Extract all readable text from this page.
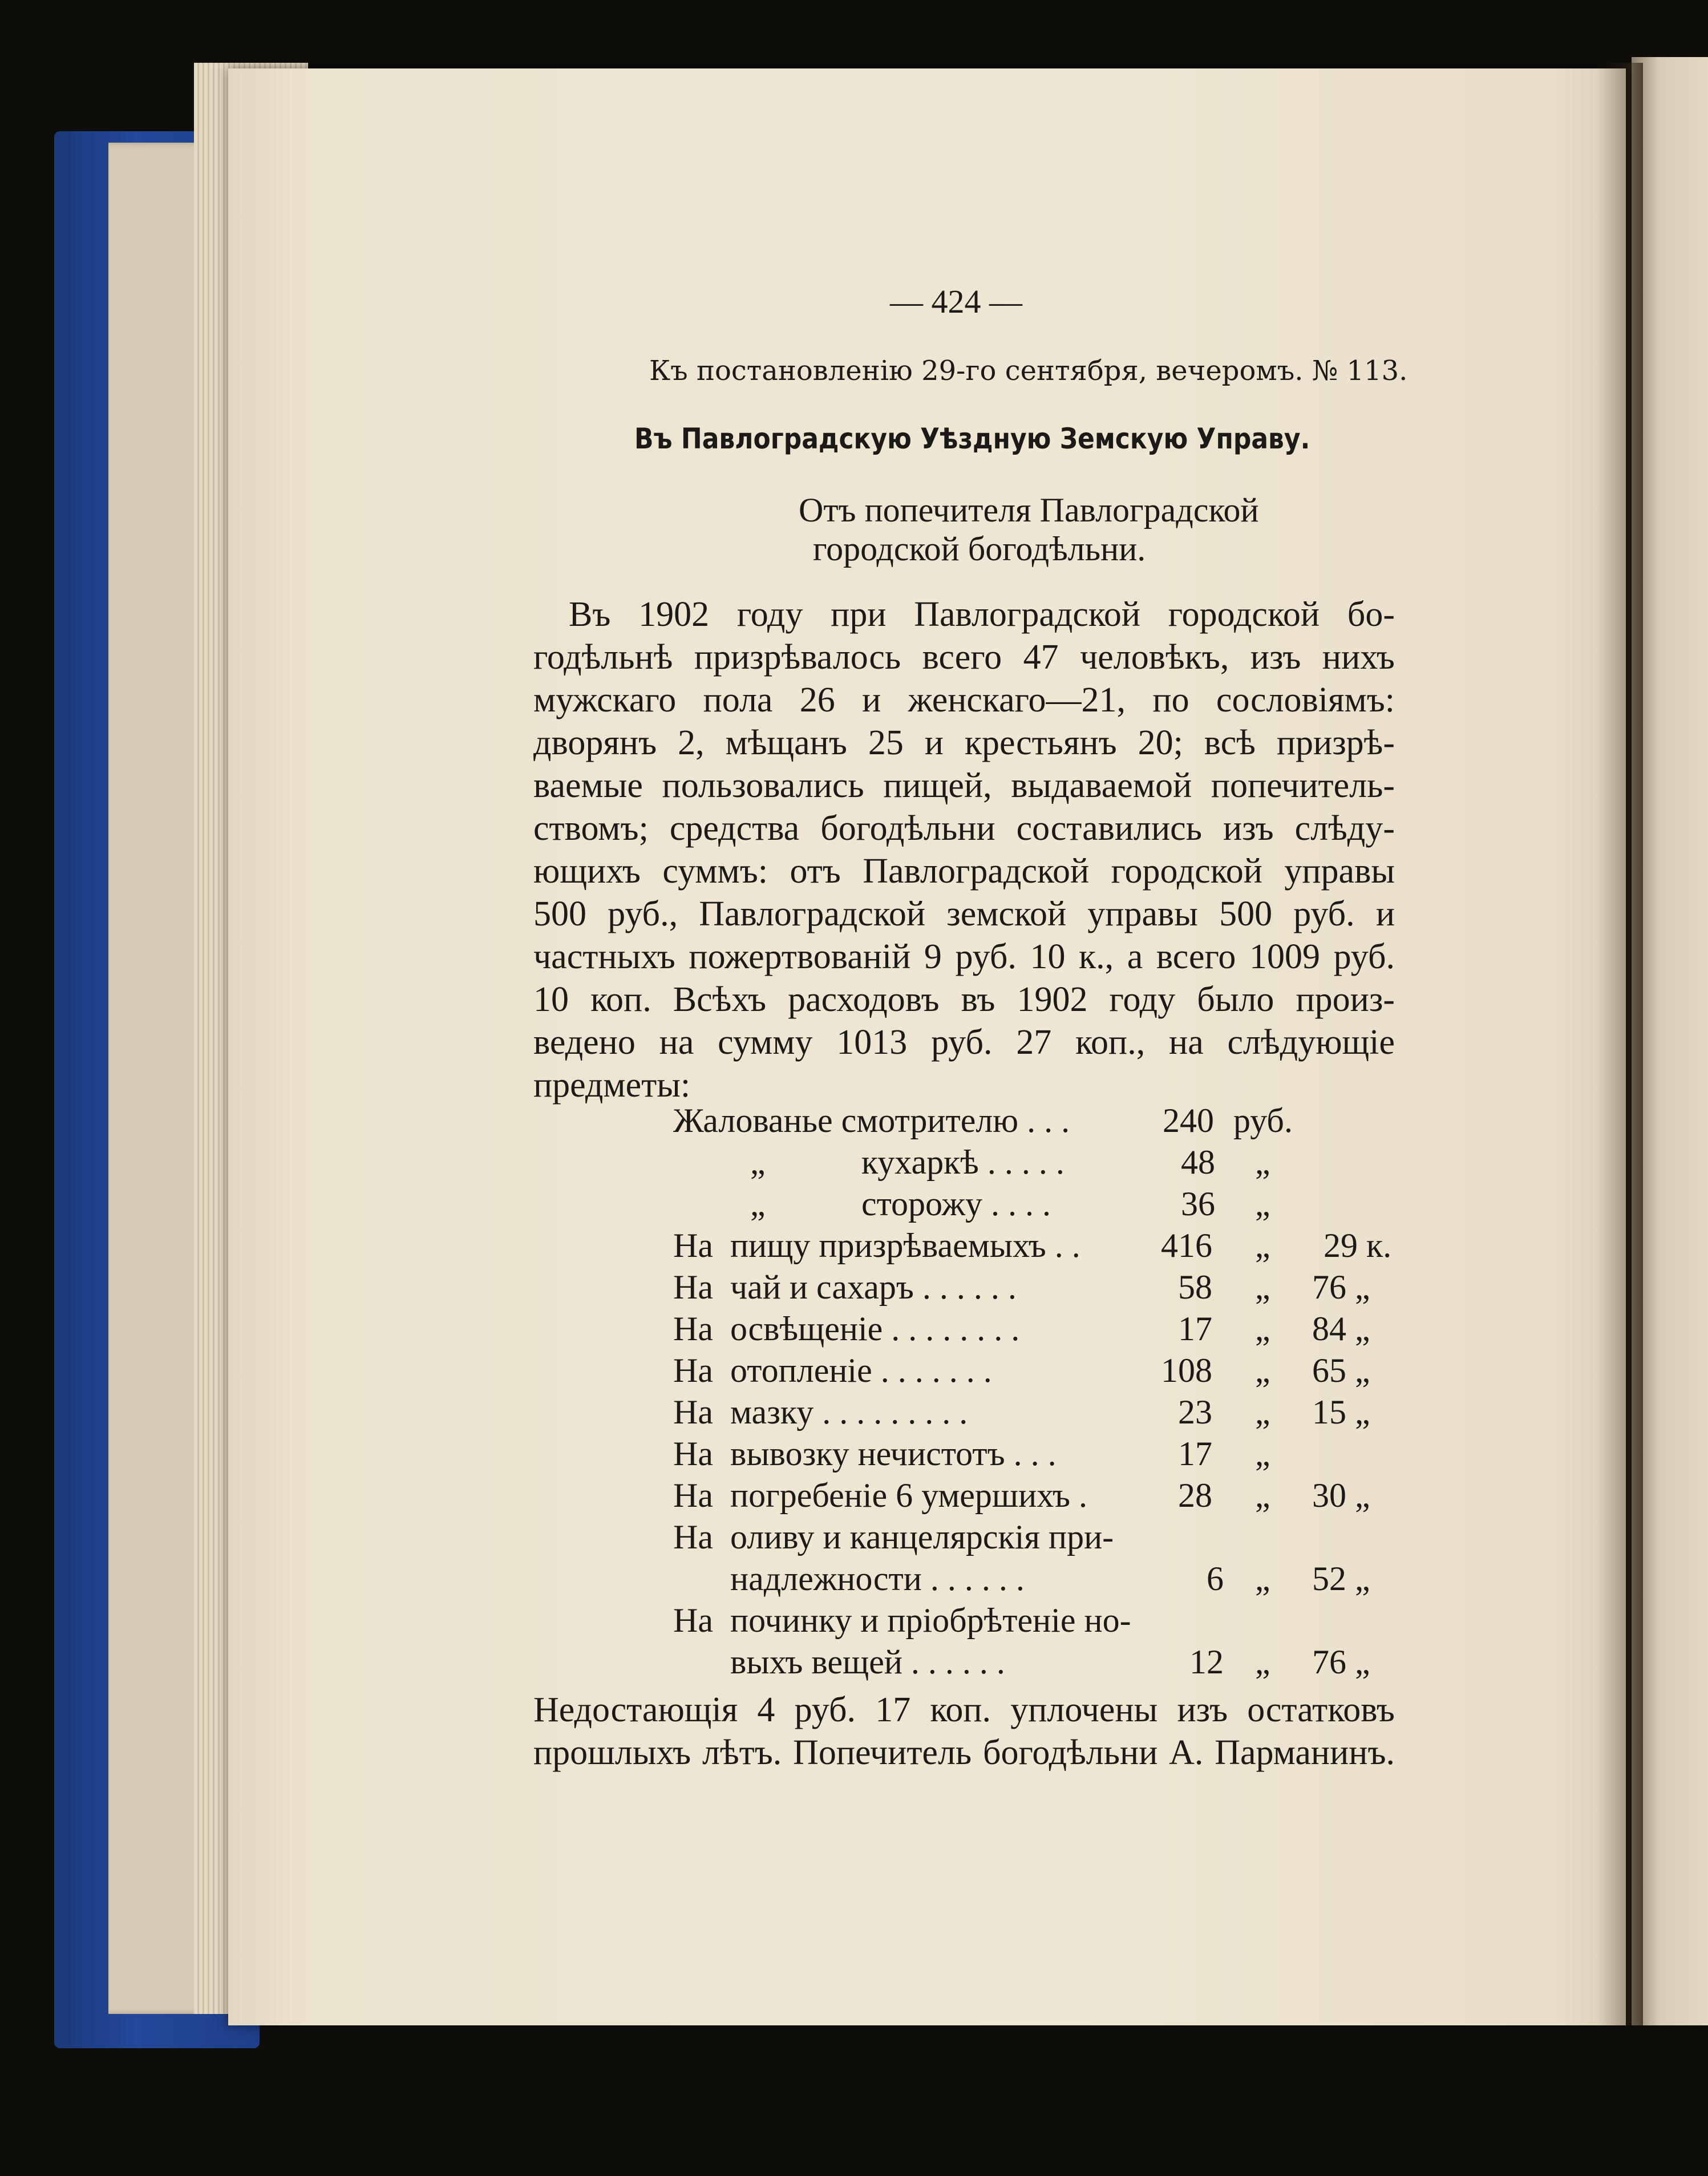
— 424 —
Къ постановленію 29-го сентября, вечеромъ. № 113.
Въ Павлоградскую Уѣздную Земскую Управу.
Отъ попечителя Павлоградской
городской богодѣльни.
Въ 1902 году при Павлоградской городской бо-
годѣльнѣ призрѣвалось всего 47 человѣкъ, изъ нихъ
мужскаго пола 26 и женскаго—21, по сословіямъ:
дворянъ 2, мѣщанъ 25 и крестьянъ 20; всѣ призрѣ-
ваемые пользовались пищей, выдаваемой попечитель-
ствомъ; средства богодѣльни составились изъ слѣду-
ющихъ суммъ: отъ Павлоградской городской управы
500 руб., Павлоградской земской управы 500 руб. и
частныхъ пожертвованій 9 руб. 10 к., а всего 1009 руб.
10 коп. Всѣхъ расходовъ въ 1902 году было произ-
ведено на сумму 1013 руб. 27 коп., на слѣдующіе
предметы:
Жалованье смотрителю . . .	240 руб.
„	кухаркѣ . . . . .	48 „
„	сторожу . . . .	36 „
На пищу призрѣваемыхъ . . 416 „ 29 к.
На чай и сахаръ . . . . . .	58 „ 76 „
На освѣщеніе . . . . . . . .	17 „ 84 „
На отопленіе . . . . . . .	108 „ 65 „
На мазку . . . . . . . . .	23 „ 15 „
На вывозку нечистотъ . . .	17 „
На погребеніе 6 умершихъ .	28 „ 30 „
На оливу и канцелярскія при-
надлежности . . . . . .	6 „ 52 „
На починку и пріобрѣтеніе но-
выхъ вещей . . . . . .	12 „ 76 „
Недостающія 4 руб. 17 коп. уплочены изъ остатковъ
прошлыхъ лѣтъ. Попечитель богодѣльни А. Парманинъ.
